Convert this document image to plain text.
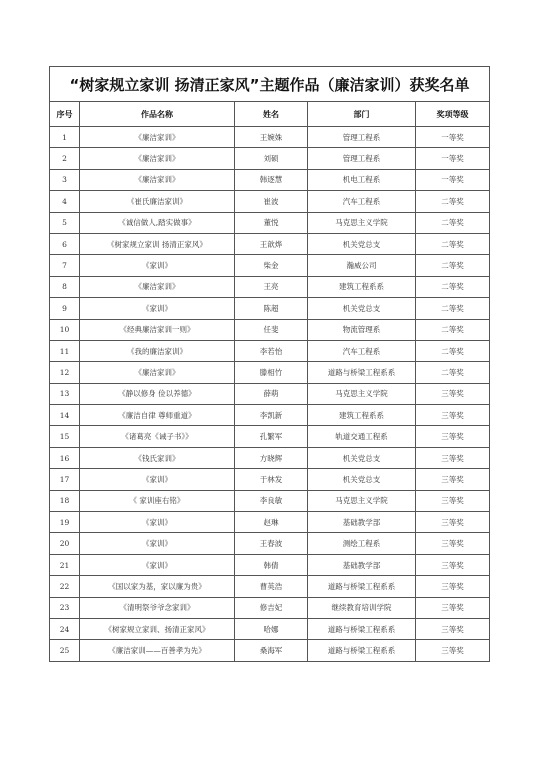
“树家规立家训 扬清正家风”主题作品（廉洁家训）获奖名单				
序号	作品名称	姓名	部门	奖项等级
1	《廉洁家训》	王婉姝	管理工程系	一等奖
2	《廉洁家训》	刘硕	管理工程系	一等奖
3	《廉洁家训》	韩逐慧	机电工程系	一等奖
4	《崔氏廉洁家训》	崔波	汽车工程系	二等奖
5	《诚信做人,踏实做事》	董悦	马克思主义学院	二等奖
6	《树家规立家训 扬清正家风》	王歆烨	机关党总支	二等奖
7	《家训》	柴金	瀚威公司	二等奖
8	《廉洁家训》	王亮	建筑工程系系	二等奖
9	《家训》	陈超	机关党总支	二等奖
10	《经典廉洁家训一则》	任斐	物流管理系	二等奖
11	《我的廉洁家训》	李若怡	汽车工程系	二等奖
12	《廉洁家训》	滕相竹	道路与桥梁工程系系	二等奖
13	《静以修身 俭以养德》	薛萌	马克思主义学院	三等奖
14	《廉洁自律 尊师重道》	李凯新	建筑工程系系	三等奖
15	《诸葛亮《诫子书》》	孔繁军	轨道交通工程系	三等奖
16	《钱氏家训》	方晓辉	机关党总支	三等奖
17	《家训》	于林发	机关党总支	三等奖
18	《 家训座右铭》	李良敏	马克思主义学院	三等奖
19	《家训》	赵琳	基础教学部	三等奖
20	《家训》	王春波	测绘工程系	三等奖
21	《家训》	韩倩	基础教学部	三等奖
22	《国以家为基，家以廉为贵》	曹英浩	道路与桥梁工程系系	三等奖
23	《清明祭爷爷念家训》	修吉妃	继续教育培训学院	三等奖
24	《树家规立家训、扬清正家风》	哈娜	道路与桥梁工程系系	三等奖
25	《廉洁家训——百善孝为先》	桑海军	道路与桥梁工程系系	三等奖
